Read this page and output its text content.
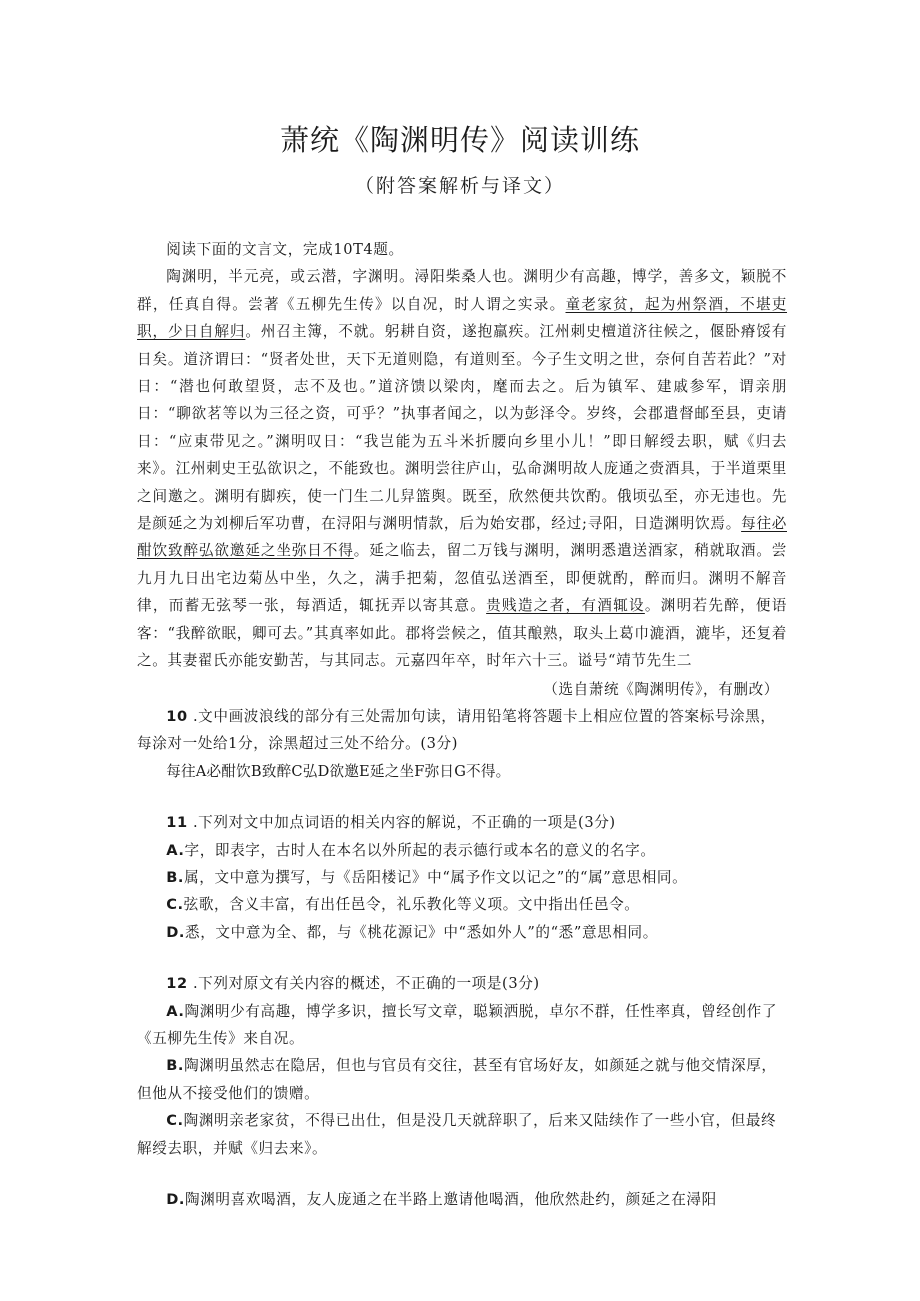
萧统《陶渊明传》阅读训练
（附答案解析与译文）

阅读下面的文言文，完成10T4题。

陶渊明，半元亮，或云潜，字渊明。潯阳柴桑人也。渊明少有高趣，博学，善多文，颖脱不群，任真自得。尝著《五柳先生传》以自况，时人谓之实录。童老家贫，起为州祭酒，不堪吏职，少日自解归。州召主簿，不就。躬耕自资，遂抱羸疾。江州刺史檀道济往候之，偃卧瘠馁有日矣。道济谓曰：“贤者处世，天下无道则隐，有道则至。今子生文明之世，奈何自苦若此？”对日：“潜也何敢望贤，志不及也。”道济馈以梁肉，麾而去之。后为镇军、建戚参军，谓亲朋日：“聊欲茗等以为三径之资，可乎？”执事者闻之，以为彭泽令。岁终，会郡遣督邮至县，吏请日：“应東带见之。”渊明叹日：“我岂能为五斗米折腰向乡里小儿！”即日解绶去职，赋《归去来》。江州刺史王弘欲识之，不能致也。渊明尝往庐山，弘命渊明故人庞通之赍酒具，于半道栗里之间邀之。渊明有脚疾，使一门生二儿舁篮舆。既至，欣然便共饮酌。俄顷弘至，亦无违也。先是颜延之为刘柳后军功曹，在浔阳与渊明情款，后为始安郡，经过;寻阳，日造渊明饮焉。每往必酣饮致醉弘欲邀延之坐弥日不得。延之临去，留二万钱与渊明，渊明悉遣送酒家，稍就取酒。尝九月九日出宅边菊丛中坐，久之，满手把菊，忽值弘送酒至，即便就酌，醉而归。渊明不解音律，而蓄无弦琴一张，每酒适，辄抚弄以寄其意。贵贱造之者，有酒辄设。渊明若先醉，便语客：“我醉欲眠，卿可去。”其真率如此。郡将尝候之，值其酿熟，取头上葛巾漉酒，漉毕，还复着之。其妻翟氏亦能安勤苦，与其同志。元嘉四年卒，时年六十三。谥号“靖节先生二

（选自萧统《陶渊明传》，有删改）

10 .文中画波浪线的部分有三处需加句读，请用铅笔将答题卡上相应位置的答案标号涂黑，每涂对一处给1分，涂黑超过三处不给分。(3分)

每往A必酣饮B致醉C弘D欲邀E延之坐F弥日G不得。

11 .下列对文中加点词语的相关内容的解说，不正确的一项是(3分)

A.字，即表字，古时人在本名以外所起的表示德行或本名的意义的名字。

B.属，文中意为撰写，与《岳阳楼记》中“属予作文以记之”的“属”意思相同。

C.弦歌，含义丰富，有出任邑令，礼乐教化等义项。文中指出任邑令。

D.悉，文中意为全、都，与《桃花源记》中“悉如外人”的“悉”意思相同。

12 .下列对原文有关内容的概述，不正确的一项是(3分)

A.陶渊明少有高趣，博学多识，擅长写文章，聪颖洒脱，卓尔不群，任性率真，曾经创作了《五柳先生传》来自况。

B.陶渊明虽然志在隐居，但也与官员有交往，甚至有官场好友，如颜延之就与他交情深厚，但他从不接受他们的馈赠。

C.陶渊明亲老家贫，不得已出仕，但是没几天就辞职了，后来又陆续作了一些小官，但最终解绶去职，并赋《归去来》。

D.陶渊明喜欢喝酒，友人庞通之在半路上邀请他喝酒，他欣然赴约，颜延之在潯阳
